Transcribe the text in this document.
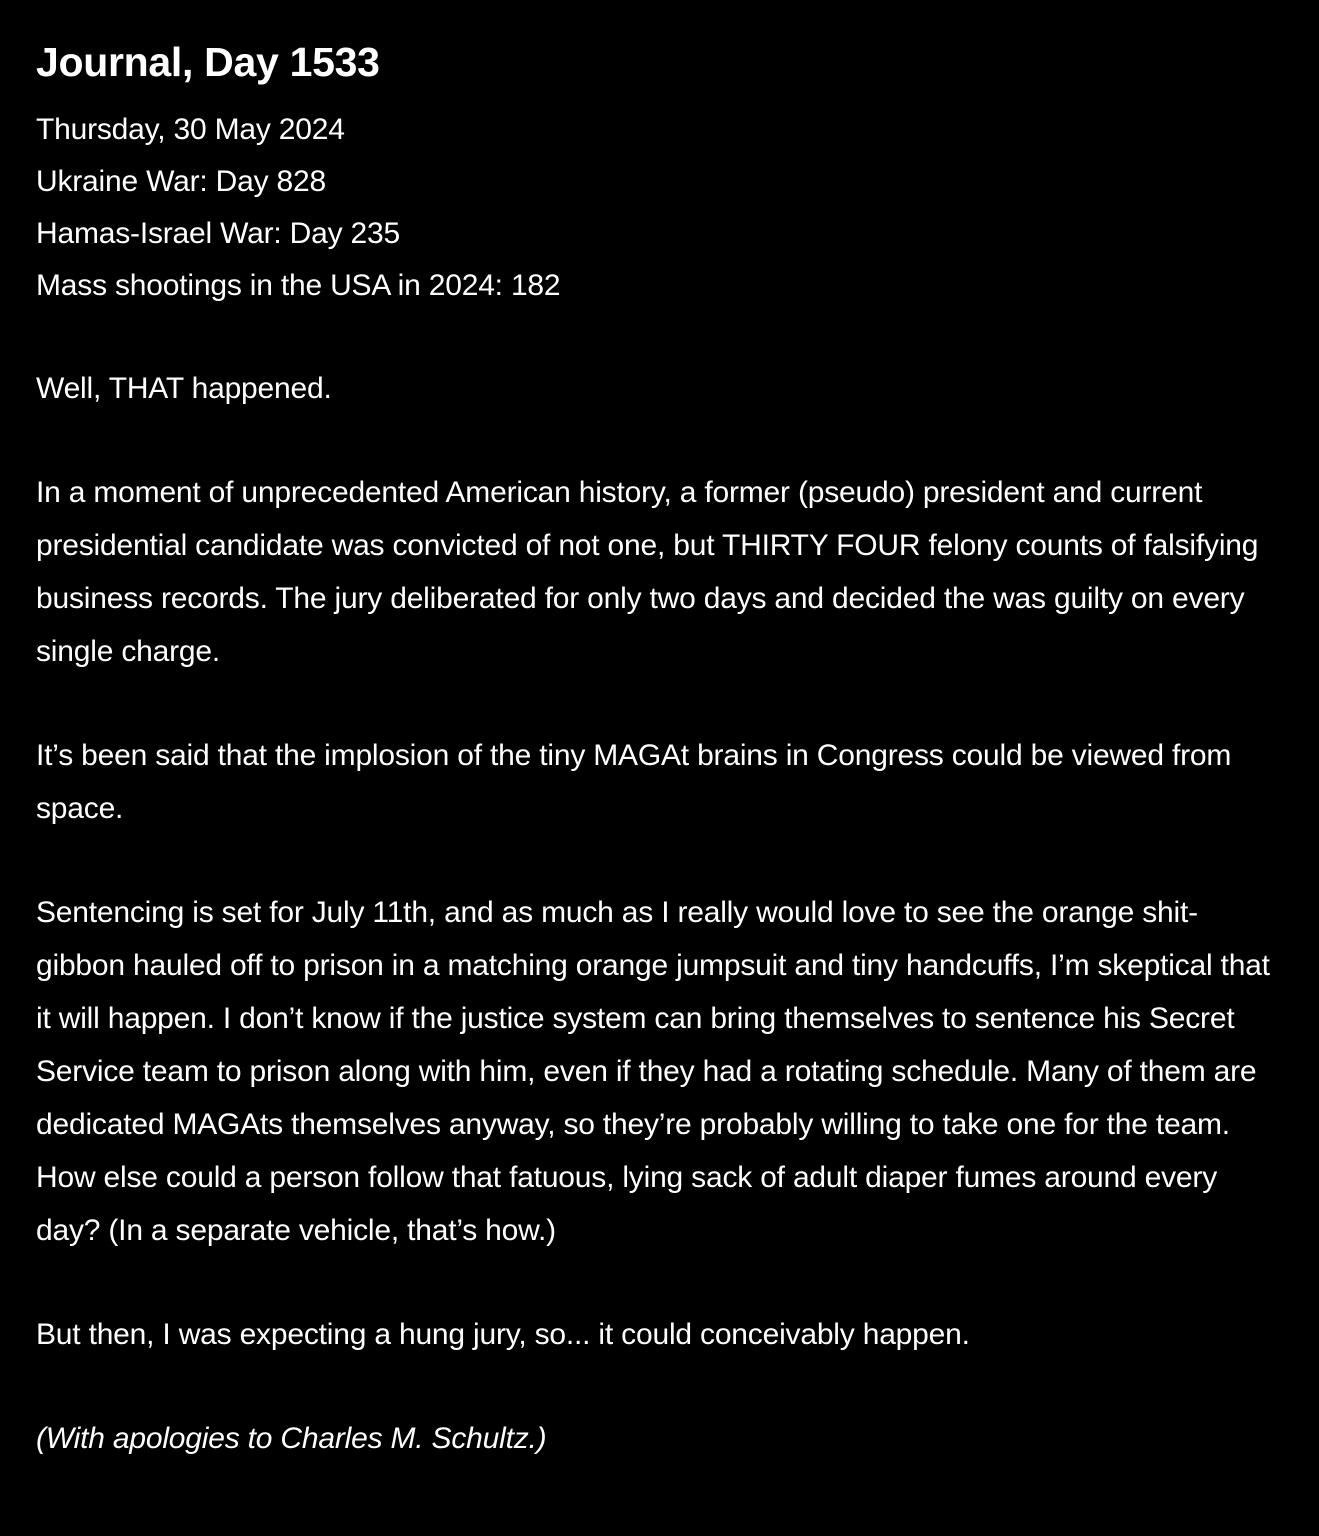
Journal, Day 1533

Thursday, 30 May 2024

Ukraine War: Day 828

Hamas-Israel War: Day 235

Mass shootings in the USA in 2024: 182

Well, THAT happened.

In a moment of unprecedented American history, a former (pseudo) president and current presidential candidate was convicted of not one, but THIRTY FOUR felony counts of falsifying business records. The jury deliberated for only two days and decided the was guilty on every single charge.

It’s been said that the implosion of the tiny MAGAt brains in Congress could be viewed from space.

Sentencing is set for July 11th, and as much as I really would love to see the orange shit-gibbon hauled off to prison in a matching orange jumpsuit and tiny handcuffs, I’m skeptical that it will happen. I don’t know if the justice system can bring themselves to sentence his Secret Service team to prison along with him, even if they had a rotating schedule. Many of them are dedicated MAGAts themselves anyway, so they’re probably willing to take one for the team. How else could a person follow that fatuous, lying sack of adult diaper fumes around every day? (In a separate vehicle, that’s how.)

But then, I was expecting a hung jury, so... it could conceivably happen.

(With apologies to Charles M. Schultz.)
